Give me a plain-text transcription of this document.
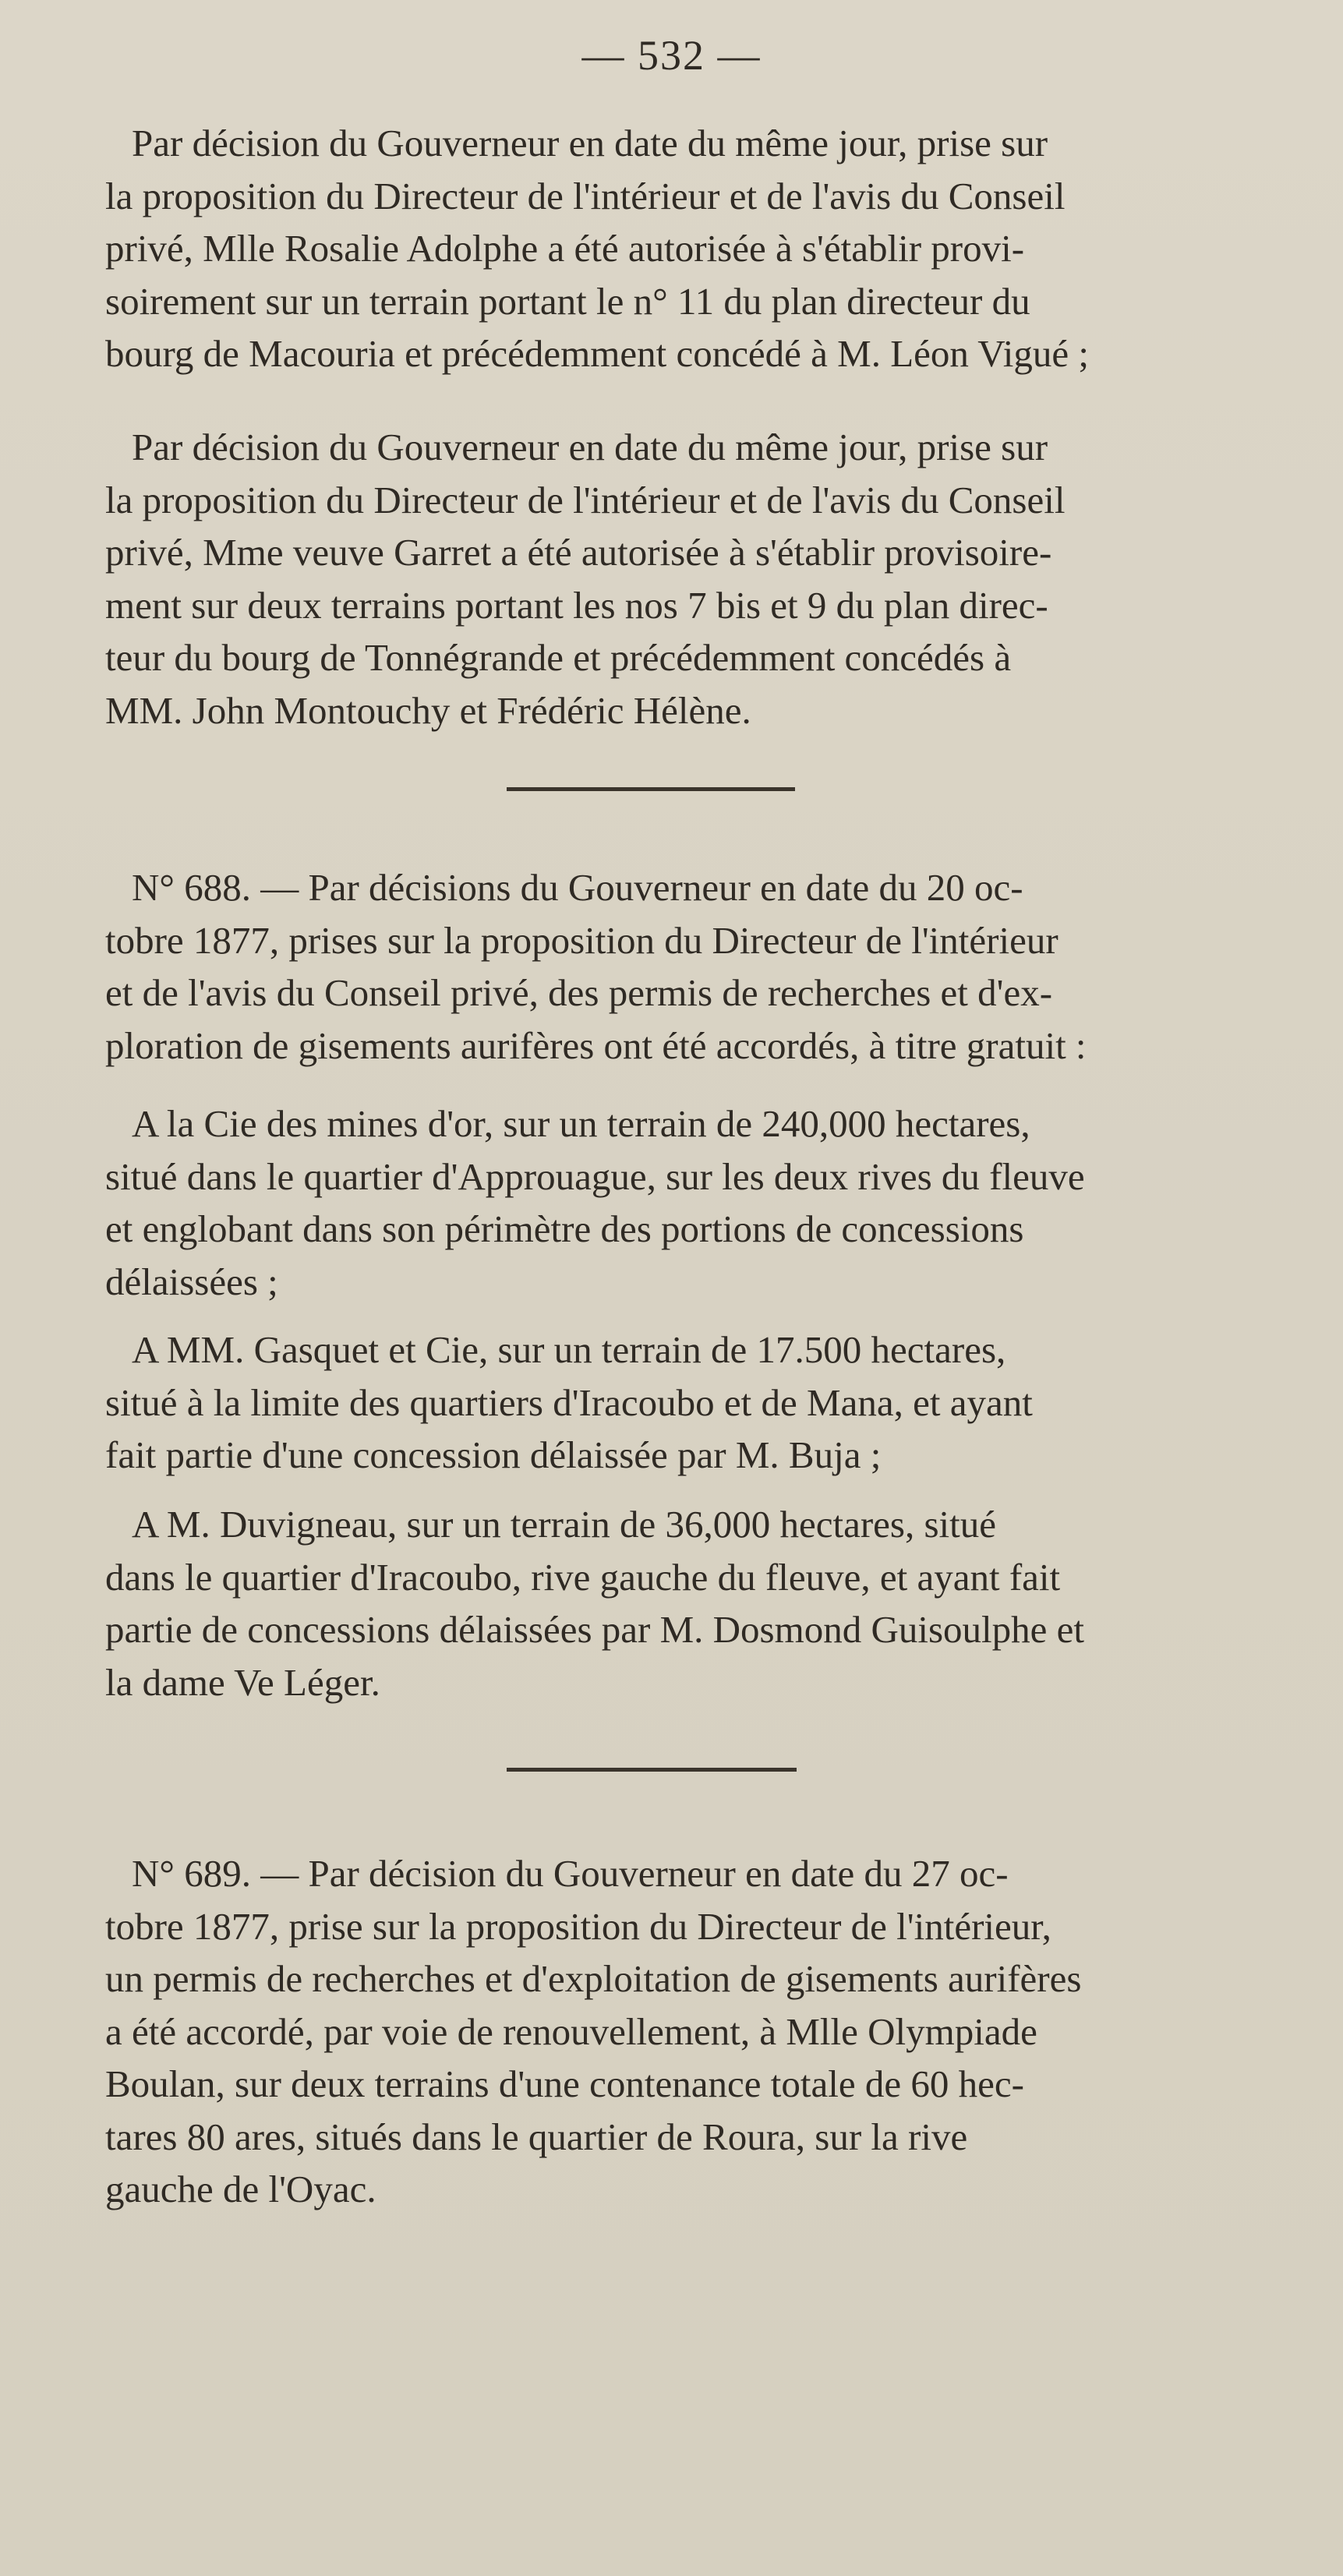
— 532 —

Par décision du Gouverneur en date du même jour, prise sur
la proposition du Directeur de l'intérieur et de l'avis du Conseil
privé, Mlle Rosalie Adolphe a été autorisée à s'établir provi-
soirement sur un terrain portant le n° 11 du plan directeur du
bourg de Macouria et précédemment concédé à M. Léon Vigué ;

Par décision du Gouverneur en date du même jour, prise sur
la proposition du Directeur de l'intérieur et de l'avis du Conseil
privé, Mme veuve Garret a été autorisée à s'établir provisoire-
ment sur deux terrains portant les nos 7 bis et 9 du plan direc-
teur du bourg de Tonnégrande et précédemment concédés à
MM. John Montouchy et Frédéric Hélène.

N° 688. — Par décisions du Gouverneur en date du 20 oc-
tobre 1877, prises sur la proposition du Directeur de l'intérieur
et de l'avis du Conseil privé, des permis de recherches et d'ex-
ploration de gisements aurifères ont été accordés, à titre gratuit :

A la Cie des mines d'or, sur un terrain de 240,000 hectares,
situé dans le quartier d'Approuague, sur les deux rives du fleuve
et englobant dans son périmètre des portions de concessions
délaissées ;

A MM. Gasquet et Cie, sur un terrain de 17.500 hectares,
situé à la limite des quartiers d'Iracoubo et de Mana, et ayant
fait partie d'une concession délaissée par M. Buja ;

A M. Duvigneau, sur un terrain de 36,000 hectares, situé
dans le quartier d'Iracoubo, rive gauche du fleuve, et ayant fait
partie de concessions délaissées par M. Dosmond Guisoulphe et
la dame Ve Léger.

N° 689. — Par décision du Gouverneur en date du 27 oc-
tobre 1877, prise sur la proposition du Directeur de l'intérieur,
un permis de recherches et d'exploitation de gisements aurifères
a été accordé, par voie de renouvellement, à Mlle Olympiade
Boulan, sur deux terrains d'une contenance totale de 60 hec-
tares 80 ares, situés dans le quartier de Roura, sur la rive
gauche de l'Oyac.
